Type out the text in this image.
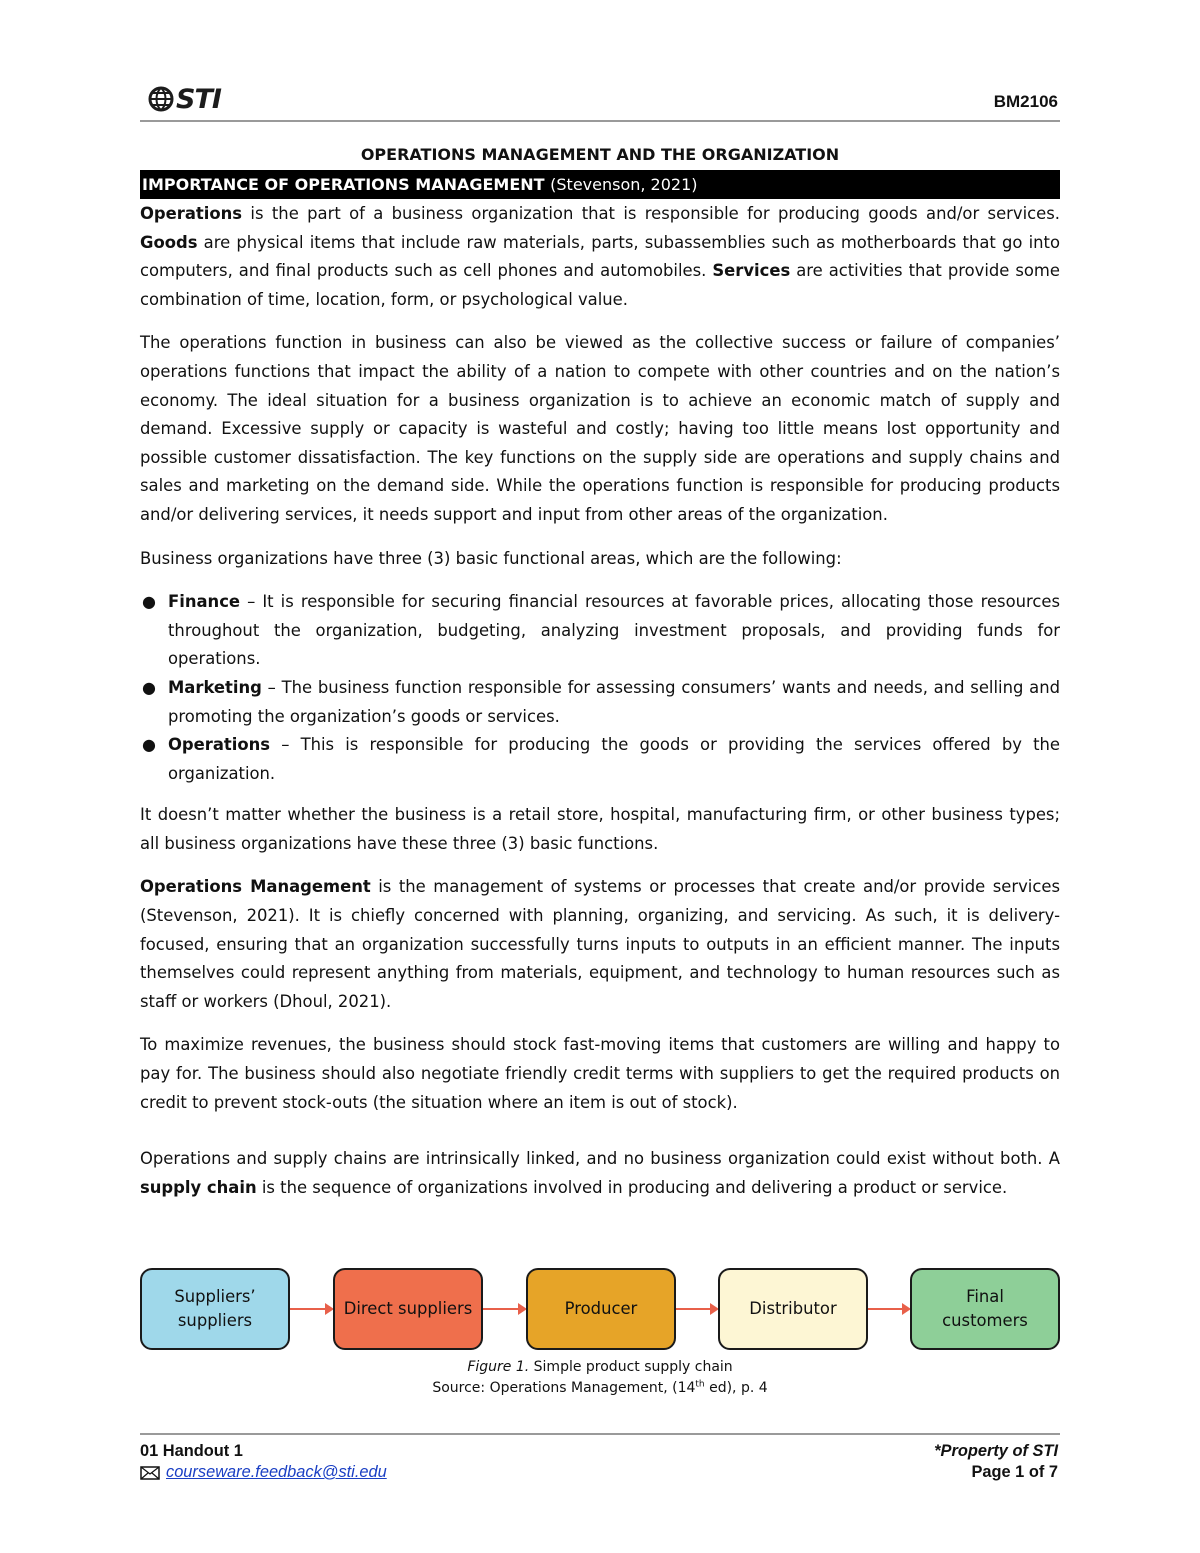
STI	BM2106
OPERATIONS MANAGEMENT AND THE ORGANIZATION
IMPORTANCE OF OPERATIONS MANAGEMENT (Stevenson, 2021)

Operations is the part of a business organization that is responsible for producing goods and/or services. Goods are physical items that include raw materials, parts, subassemblies such as motherboards that go into computers, and final products such as cell phones and automobiles. Services are activities that provide some combination of time, location, form, or psychological value.

The operations function in business can also be viewed as the collective success or failure of companies’ operations functions that impact the ability of a nation to compete with other countries and on the nation’s economy. The ideal situation for a business organization is to achieve an economic match of supply and demand. Excessive supply or capacity is wasteful and costly; having too little means lost opportunity and possible customer dissatisfaction. The key functions on the supply side are operations and supply chains and sales and marketing on the demand side. While the operations function is responsible for producing products and/or delivering services, it needs support and input from other areas of the organization.

Business organizations have three (3) basic functional areas, which are the following:

● Finance – It is responsible for securing financial resources at favorable prices, allocating those resources throughout the organization, budgeting, analyzing investment proposals, and providing funds for operations.
● Marketing – The business function responsible for assessing consumers’ wants and needs, and selling and promoting the organization’s goods or services.
● Operations – This is responsible for producing the goods or providing the services offered by the organization.

It doesn’t matter whether the business is a retail store, hospital, manufacturing firm, or other business types; all business organizations have these three (3) basic functions.

Operations Management is the management of systems or processes that create and/or provide services (Stevenson, 2021). It is chiefly concerned with planning, organizing, and servicing. As such, it is delivery-focused, ensuring that an organization successfully turns inputs to outputs in an efficient manner. The inputs themselves could represent anything from materials, equipment, and technology to human resources such as staff or workers (Dhoul, 2021).

To maximize revenues, the business should stock fast-moving items that customers are willing and happy to pay for. The business should also negotiate friendly credit terms with suppliers to get the required products on credit to prevent stock-outs (the situation where an item is out of stock).

Operations and supply chains are intrinsically linked, and no business organization could exist without both. A supply chain is the sequence of organizations involved in producing and delivering a product or service.

Suppliers’ suppliers
Direct suppliers	Producer	Distributor
Final customers
Figure 1. Simple product supply chain
Source: Operations Management, (14th ed), p. 4
01 Handout 1
courseware.feedback@sti.edu
*Property of STI
Page 1 of 7
